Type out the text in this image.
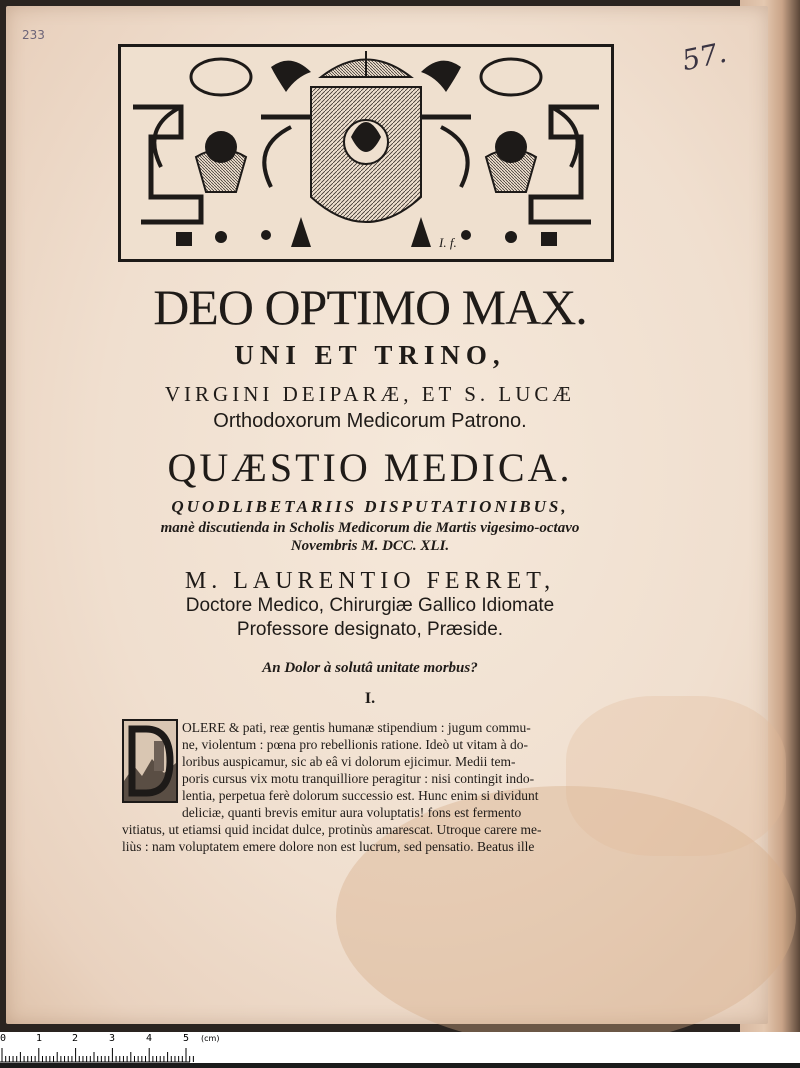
233
57.
I. f.
DEO OPTIMO MAX.
UNI ET TRINO,
VIRGINI DEIPARÆ, ET S. LUCÆ
Orthodoxorum Medicorum Patrono.
QUÆSTIO MEDICA.
QUODLIBETARIIS DISPUTATIONIBUS,
manè discutienda in Scholis Medicorum die Martis vigesimo-octavo
Novembris M. DCC. XLI.
M. LAURENTIO FERRET,
Doctore Medico, Chirurgiæ Gallico Idiomate
Professore designato, Præside.
An Dolor à solutâ unitate morbus?
I.
OLERE & pati, reæ gentis humanæ stipendium : jugum commu-
ne, violentum : pœna pro rebellionis ratione. Ideò ut vitam à do-
loribus auspicamur, sic ab eâ vi dolorum ejicimur. Medii tem-
poris cursus vix motu tranquilliore peragitur : nisi contingit indo-
lentia, perpetua ferè dolorum successio est. Hunc enim si dividunt
deliciæ, quanti brevis emitur aura voluptatis! fons est fermento
vitiatus, ut etiamsi quid incidat dulce, protinùs amarescat. Utroque carere me-
liùs : nam voluptatem emere dolore non est lucrum, sed pensatio. Beatus ille
0	1	2	3	4	5 (cm)
